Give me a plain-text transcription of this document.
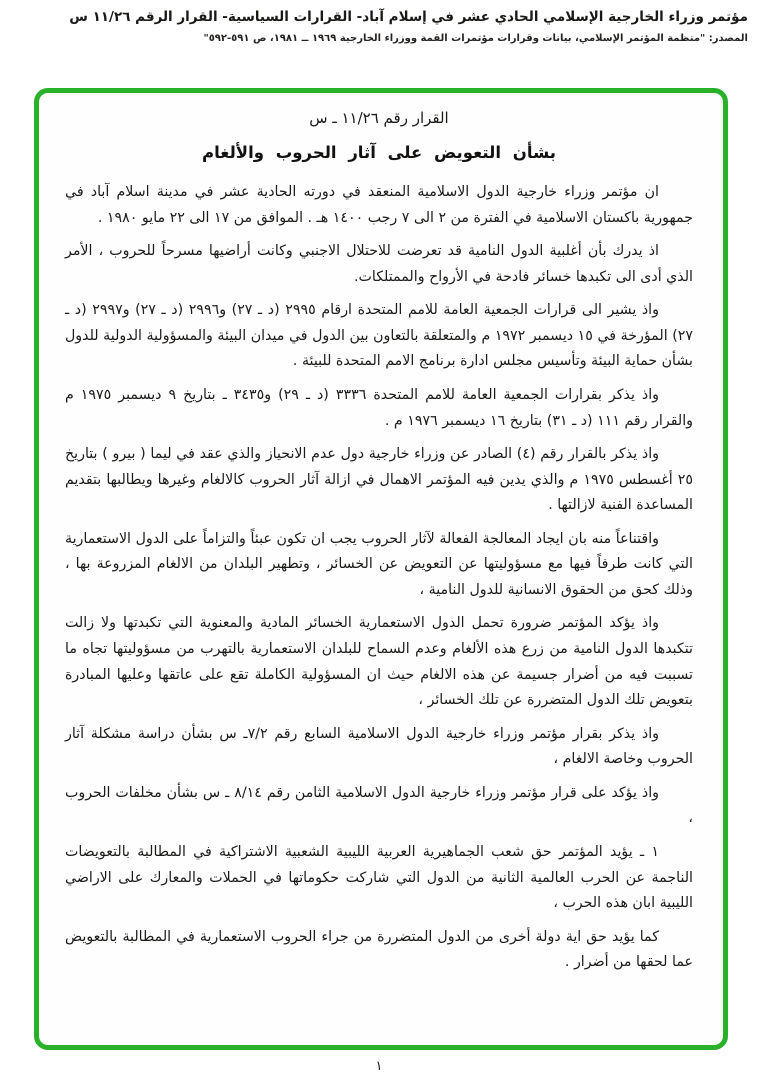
مؤتمر وزراء الخارجية الإسلامي الحادي عشر في إسلام آباد- القرارات السياسية- القرار الرقم ١١/٢٦ س
المصدر: "منظمة المؤتمر الإسلامي، بيانات وقرارات مؤتمرات القمة ووزراء الخارجية ١٩٦٩ ــ ١٩٨١، ص ٥٩١-٥٩٢"
القرار رقم ١١/٢٦ ـ س
بشأن التعويض على آثار الحروب والألغام

ان مؤتمر وزراء خارجية الدول الاسلامية المنعقد في دورته الحادية عشر في مدينة اسلام آباد في جمهورية باكستان الاسلامية في الفترة من ٢ الى ٧ رجب ١٤٠٠ هـ . الموافق من ١٧ الى ٢٢ مايو ١٩٨٠ .

اذ يدرك بأن أغلبية الدول النامية قد تعرضت للاحتلال الاجنبي وكانت أراضيها مسرحاً للحروب ، الأمر الذي أدى الى تكبدها خسائر فادحة في الأرواح والممتلكات.

واذ يشير الى قرارات الجمعية العامة للامم المتحدة ارقام ٢٩٩٥ (د ـ ٢٧) و٢٩٩٦ (د ـ ٢٧) و٢٩٩٧ (د ـ ٢٧) المؤرخة في ١٥ ديسمبر ١٩٧٢ م والمتعلقة بالتعاون بين الدول في ميدان البيئة والمسؤولية الدولية للدول بشأن حماية البيئة وتأسيس مجلس ادارة برنامج الامم المتحدة للبيئة .

واذ يذكر بقرارات الجمعية العامة للامم المتحدة ٣٣٣٦ (د ـ ٢٩) و٣٤٣٥ ـ بتاريخ ٩ ديسمبر ١٩٧٥ م والقرار رقم ١١١ (د ـ ٣١) بتاريخ ١٦ ديسمبر ١٩٧٦ م .

واذ يذكر بالقرار رقم (٤) الصادر عن وزراء خارجية دول عدم الانحياز والذي عقد في ليما ( بيرو ) بتاريخ ٢٥ أغسطس ١٩٧٥ م والذي يدين فيه المؤتمر الاهمال في ازالة آثار الحروب كالالغام وغيرها ويطالبها بتقديم المساعدة الفنية لازالتها .

واقتناعاً منه بان ايجاد المعالجة الفعالة لآثار الحروب يجب ان تكون عبئاً والتزاماً على الدول الاستعمارية التي كانت طرفاً فيها مع مسؤوليتها عن التعويض عن الخسائر ، وتطهير البلدان من الالغام المزروعة بها ، وذلك كحق من الحقوق الانسانية للدول النامية ،

واذ يؤكد المؤتمر ضرورة تحمل الدول الاستعمارية الخسائر المادية والمعنوية التي تكبدتها ولا زالت تتكبدها الدول النامية من زرع هذه الألغام وعدم السماح للبلدان الاستعمارية بالتهرب من مسؤوليتها تجاه ما تسببت فيه من أضرار جسيمة عن هذه الالغام حيث ان المسؤولية الكاملة تقع على عاتقها وعليها المبادرة بتعويض تلك الدول المتضررة عن تلك الخسائر ،

واذ يذكر بقرار مؤتمر وزراء خارجية الدول الاسلامية السابع رقم ٧/٢ـ س بشأن دراسة مشكلة آثار الحروب وخاصة الالغام ،

واذ يؤكد على قرار مؤتمر وزراء خارجية الدول الاسلامية الثامن رقم ٨/١٤ ـ س بشأن مخلفات الحروب ،

١ ـ يؤيد المؤتمر حق شعب الجماهيرية العربية الليبية الشعبية الاشتراكية في المطالبة بالتعويضات الناجمة عن الحرب العالمية الثانية من الدول التي شاركت حكوماتها في الحملات والمعارك على الاراضي الليبية ابان هذه الحرب ،

كما يؤيد حق اية دولة أخرى من الدول المتضررة من جراء الحروب الاستعمارية في المطالبة بالتعويض عما لحقها من أضرار .

١
